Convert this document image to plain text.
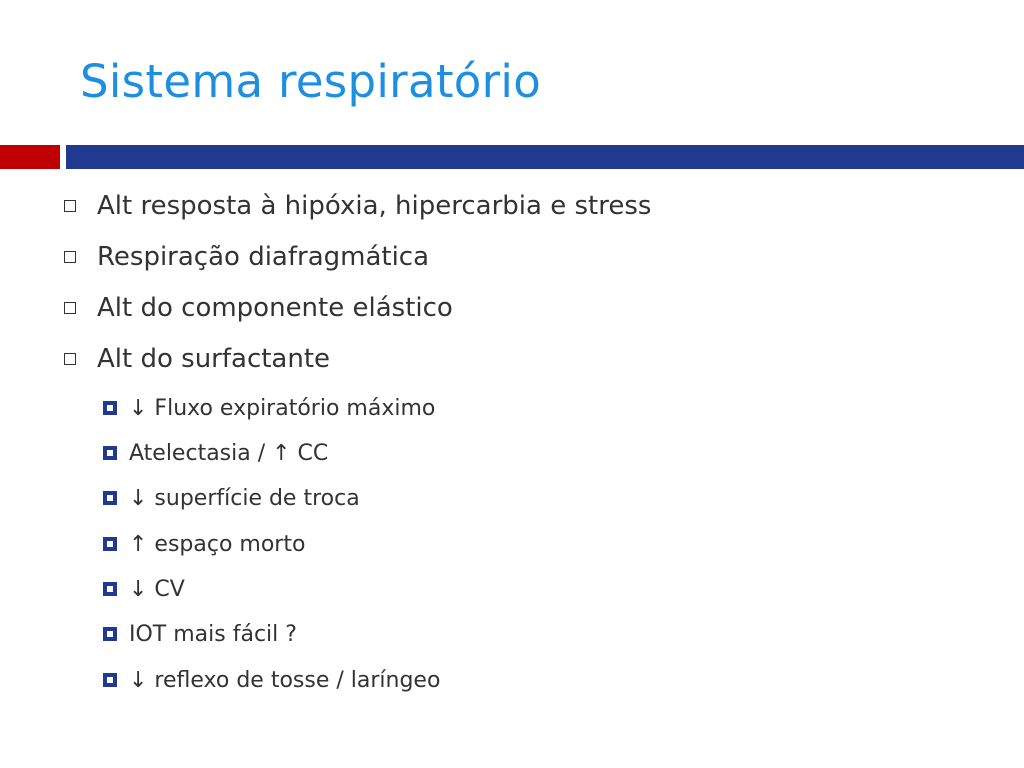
Sistema respiratório
Alt resposta à hipóxia, hipercarbia e stress
Respiração diafragmática
Alt do componente elástico
Alt do surfactante
↓ Fluxo expiratório máximo
Atelectasia / ↑ CC
↓ superfície de troca
↑ espaço morto
↓ CV
IOT mais fácil ?
↓ reflexo de tosse / laríngeo
